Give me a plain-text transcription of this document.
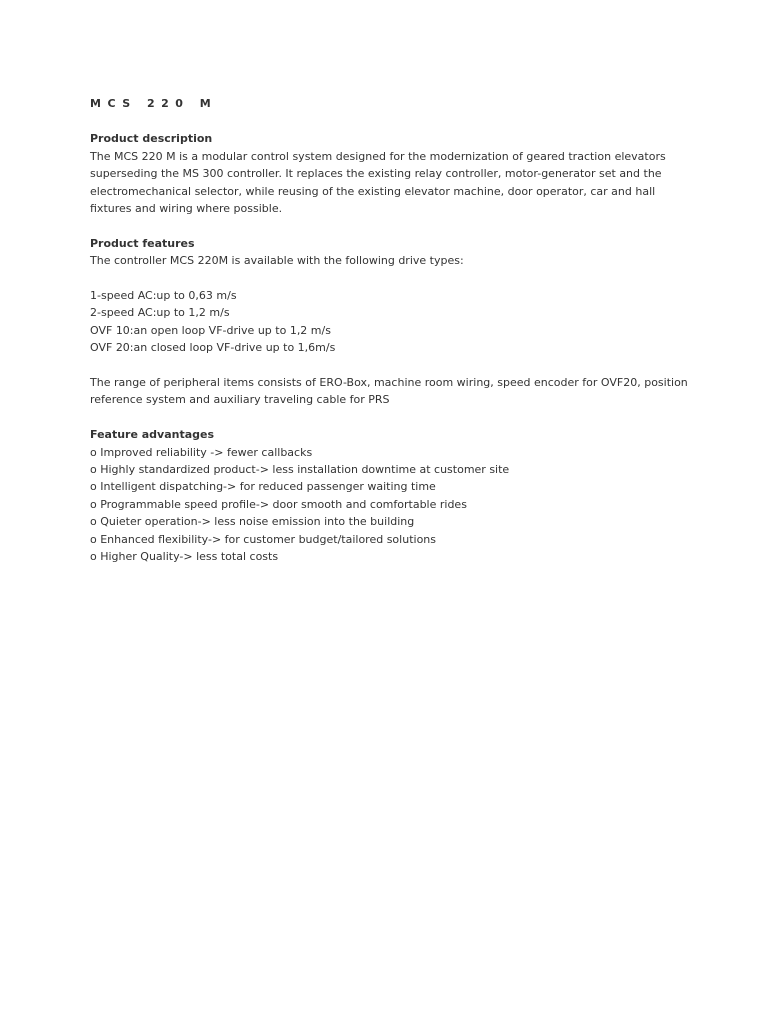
MCS 220 M
Product description

The MCS 220 M is a modular control system designed for the modernization of geared traction elevators superseding the MS 300 controller. It replaces the existing relay controller, motor-generator set and the electromechanical selector, while reusing of the existing elevator machine, door operator, car and hall fixtures and wiring where possible.

Product features

The controller MCS 220M is available with the following drive types:

1-speed AC:up to 0,63 m/s
2-speed AC:up to 1,2 m/s
OVF 10:an open loop VF-drive up to 1,2 m/s
OVF 20:an closed loop VF-drive up to 1,6m/s

The range of peripheral items consists of ERO-Box, machine room wiring, speed encoder for OVF20, position reference system and auxiliary traveling cable for PRS

Feature advantages
o Improved reliability -> fewer callbacks
o Highly standardized product-> less installation downtime at customer site
o Intelligent dispatching-> for reduced passenger waiting time
o Programmable speed profile-> door smooth and comfortable rides
o Quieter operation-> less noise emission into the building
o Enhanced flexibility-> for customer budget/tailored solutions
o Higher Quality-> less total costs
